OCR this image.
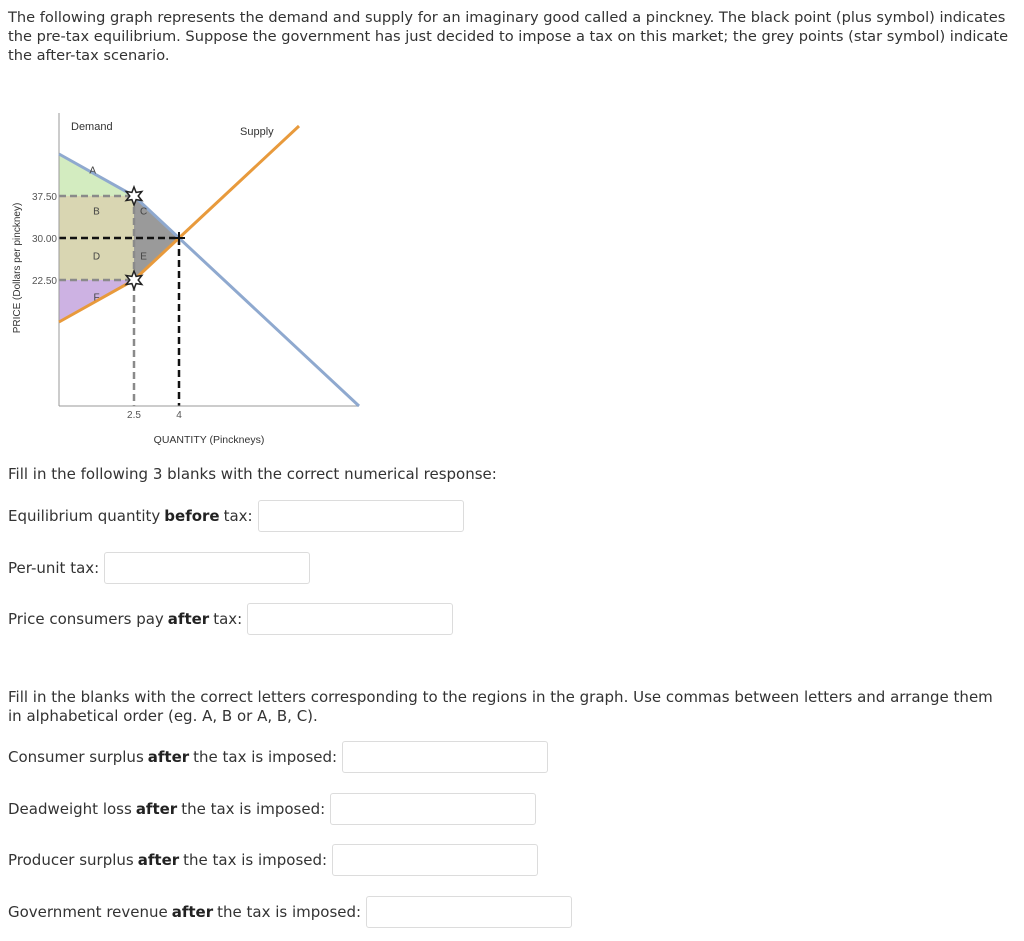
The following graph represents the demand and supply for an imaginary good called a pinckney. The black point (plus symbol) indicates the pre-tax equilibrium. Suppose the government has just decided to impose a tax on this market; the grey points (star symbol) indicate the after-tax scenario.

Demand	Supply
37.50
30.00
22.50
2.5	4
QUANTITY (Pinckneys)
PRICE (Dollars per pinckney)
A
B	C
D	E
F

Fill in the following 3 blanks with the correct numerical response:

Equilibrium quantity before tax:
Per-unit tax:
Price consumers pay after tax:

Fill in the blanks with the correct letters corresponding to the regions in the graph. Use commas between letters and arrange them in alphabetical order (eg. A, B or A, B, C).

Consumer surplus after the tax is imposed:
Deadweight loss after the tax is imposed:
Producer surplus after the tax is imposed:
Government revenue after the tax is imposed:
